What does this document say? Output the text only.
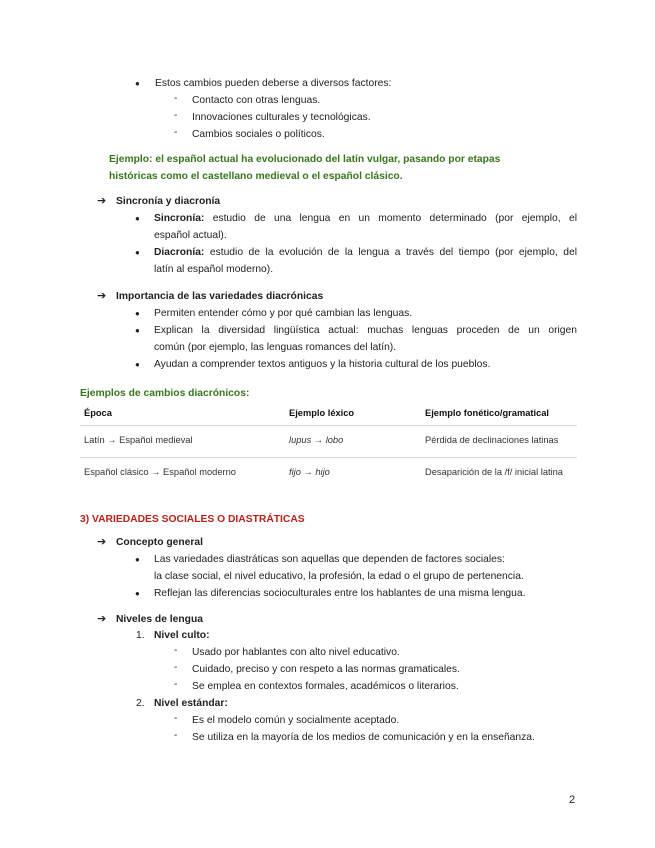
● Estos cambios pueden deberse a diversos factores:
- Contacto con otras lenguas.
- Innovaciones culturales y tecnológicas.
- Cambios sociales o políticos.
Ejemplo: el español actual ha evolucionado del latín vulgar, pasando por etapas
históricas como el castellano medieval o el español clásico.
➔ Sincronía y diacronía
● Sincronía: estudio de una lengua en un momento determinado (por ejemplo, el
español actual).
● Diacronía: estudio de la evolución de la lengua a través del tiempo (por ejemplo, del
latín al español moderno).
➔ Importancia de las variedades diacrónicas
● Permiten entender cómo y por qué cambian las lenguas.
● Explican la diversidad lingüística actual: muchas lenguas proceden de un origen
común (por ejemplo, las lenguas romances del latín).
● Ayudan a comprender textos antiguos y la historia cultural de los pueblos.
Ejemplos de cambios diacrónicos:
Época	Ejemplo léxico	Ejemplo fonético/gramatical
Latín → Español medieval	lupus → lobo	Pérdida de declinaciones latinas
Español clásico → Español moderno	fijo → hijo	Desaparición de la /f/ inicial latina
3) VARIEDADES SOCIALES O DIASTRÁTICAS
➔ Concepto general
● Las variedades diastráticas son aquellas que dependen de factores sociales:
la clase social, el nivel educativo, la profesión, la edad o el grupo de pertenencia.
● Reflejan las diferencias socioculturales entre los hablantes de una misma lengua.
➔ Niveles de lengua
1. Nivel culto:
- Usado por hablantes con alto nivel educativo.
- Cuidado, preciso y con respeto a las normas gramaticales.
- Se emplea en contextos formales, académicos o literarios.
2. Nivel estándar:
- Es el modelo común y socialmente aceptado.
- Se utiliza en la mayoría de los medios de comunicación y en la enseñanza.
2
